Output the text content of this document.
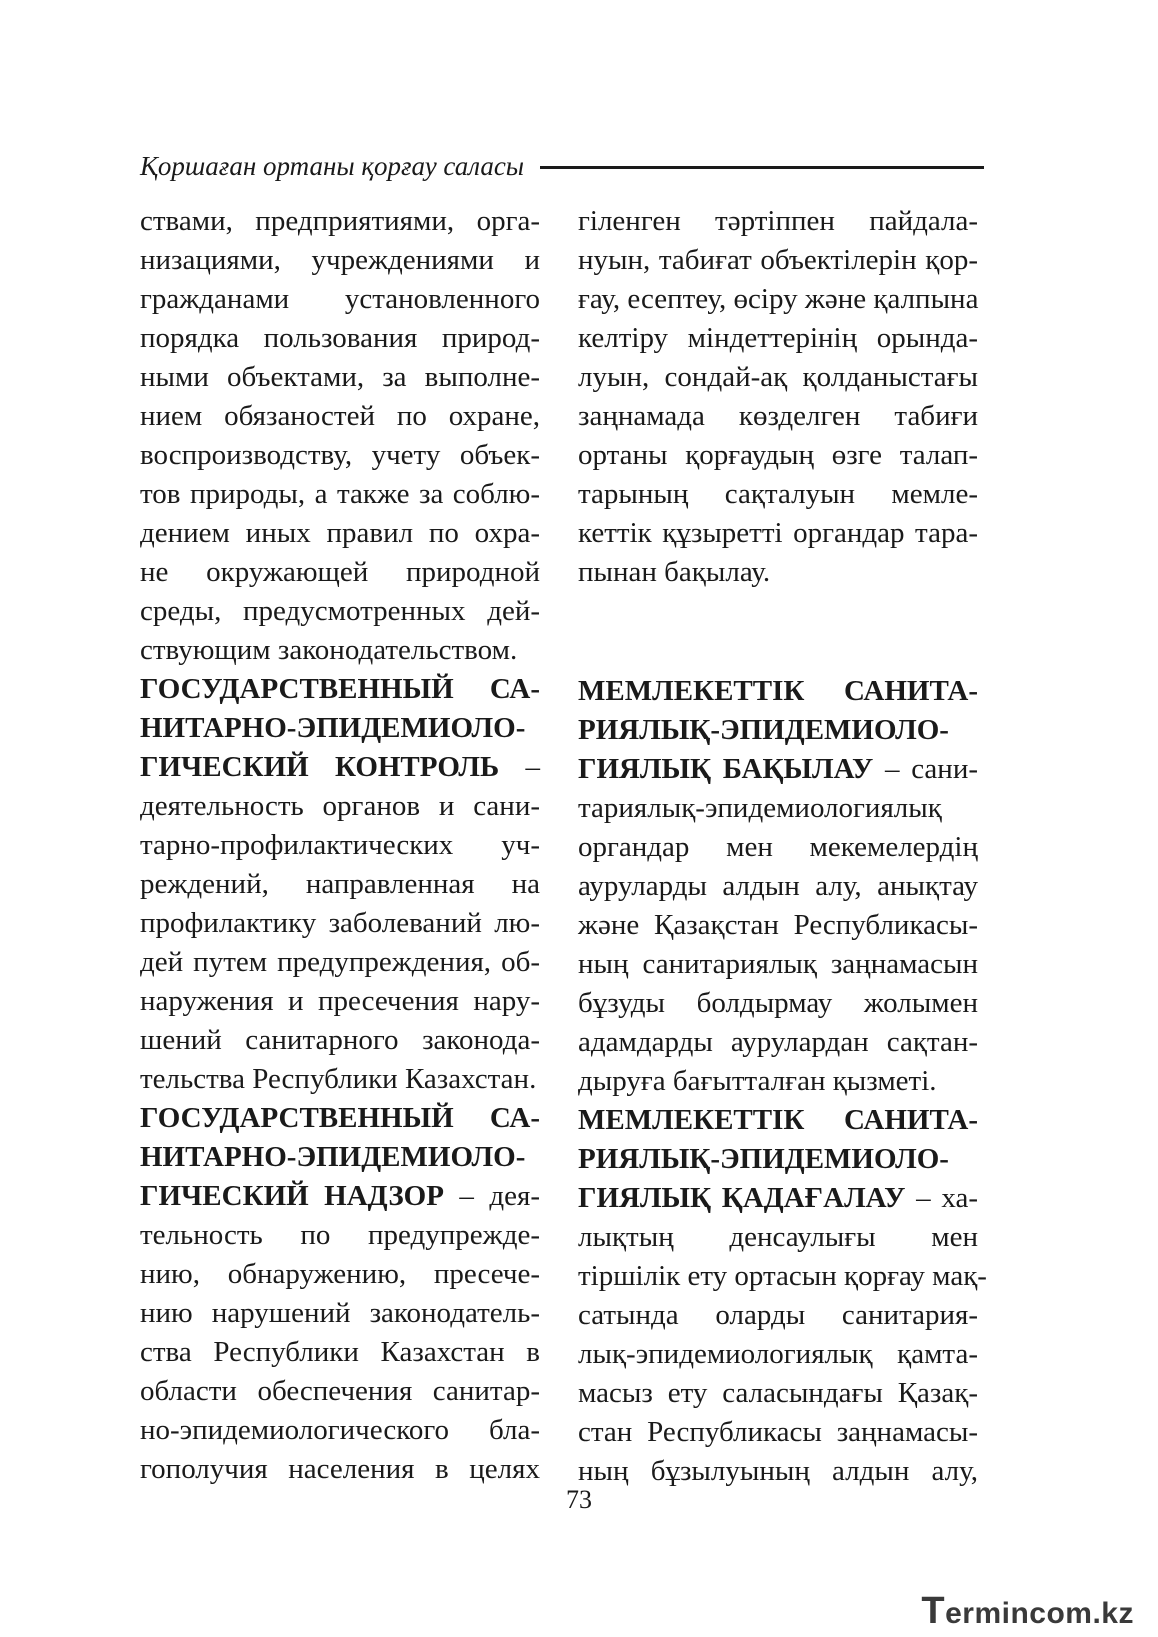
Қоршаған ортаны қорғау саласы
ствами, предприятиями, орга-
низациями, учреждениями и
гражданами установленного
порядка пользования природ-
ными объектами, за выполне-
нием обязаностей по охране,
воспроизводству, учету объек-
тов природы, а также за соблю-
дением иных правил по охра-
не окружающей природной
среды, предусмотренных дей-
ствующим законодательством.
ГОСУДАРСТВЕННЫЙ СА-
НИТАРНО-ЭПИДЕМИОЛО-
ГИЧЕСКИЙ КОНТРОЛЬ –
деятельность органов и сани-
тарно-профилактических уч-
реждений, направленная на
профилактику заболеваний лю-
дей путем предупреждения, об-
наружения и пресечения нару-
шений санитарного законода-
тельства Республики Казахстан.
ГОСУДАРСТВЕННЫЙ СА-
НИТАРНО-ЭПИДЕМИОЛО-
ГИЧЕСКИЙ НАДЗОР – дея-
тельность по предупрежде-
нию, обнаружению, пресече-
нию нарушений законодатель-
ства Республики Казахстан в
области обеспечения санитар-
но-эпидемиологического бла-
гополучия населения в целях
гіленген тәртіппен пайдала-
нуын, табиғат объектілерін қор-
ғау, есептеу, өсіру және қалпына
келтіру міндеттерінің орында-
луын, сондай-ақ қолданыстағы
заңнамада көзделген табиғи
ортаны қорғаудың өзге талап-
тарының сақталуын мемле-
кеттік құзыретті органдар тара-
пынан бақылау.
МЕМЛЕКЕТТІК САНИТА-
РИЯЛЫҚ-ЭПИДЕМИОЛО-
ГИЯЛЫҚ БАҚЫЛАУ – сани-
тариялық-эпидемиологиялық
органдар мен мекемелердің
ауруларды алдын алу, анықтау
және Қазақстан Республикасы-
ның санитариялық заңнамасын
бұзуды болдырмау жолымен
адамдарды аурулардан сақтан-
дыруға бағытталған қызметі.
МЕМЛЕКЕТТІК САНИТА-
РИЯЛЫҚ-ЭПИДЕМИОЛО-
ГИЯЛЫҚ ҚАДАҒАЛАУ – ха-
лықтың денсаулығы мен
тіршілік ету ортасын қорғау мақ-
сатында оларды санитария-
лық-эпидемиологиялық қамта-
масыз ету саласындағы Қазақ-
стан Республикасы заңнамасы-
ның бұзылуының алдын алу,
73
Termincom.kz
